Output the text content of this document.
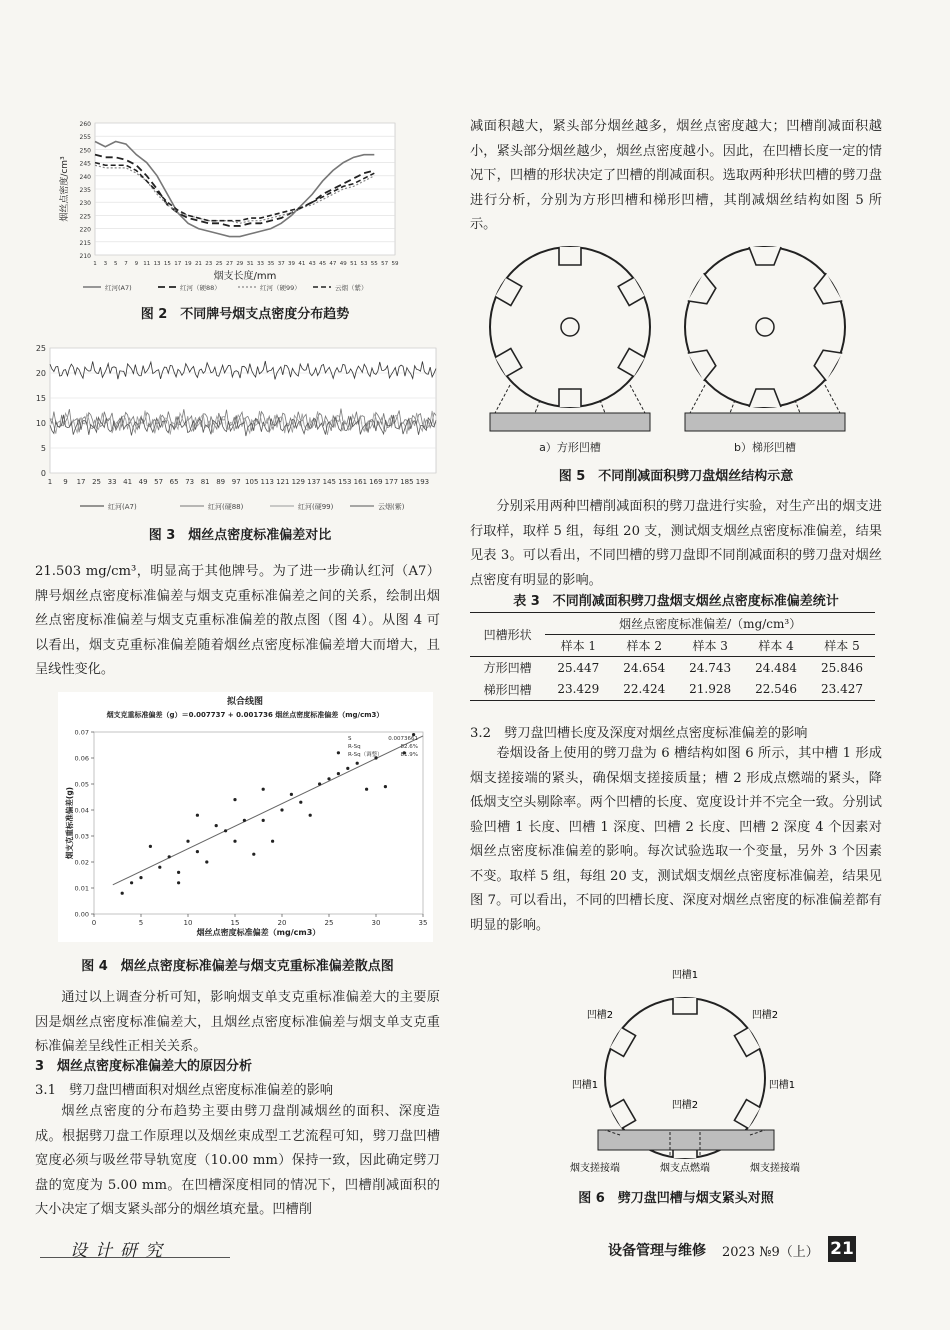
210
215
220
225
230
235
240
245
250
255
260
1 3 5 7 9 11 13 15 17 19 21 23 25 27 29 31 33 35 37 39 41 43 45 47 49 51 53 55 57 59
烟丝点密度/cm³
烟支长度/mm
红河(A7)	红河（硬88）	红河（硬99）	云烟（紫）
图 2　不同牌号烟支点密度分布趋势
0
5
10
15
20
25
1 9 17 25 33 41 49 57 65 73 81 89 97 105 113 121 129 137 145 153 161 169 177 185 193
红河(A7)	红河(硬88)	红河(硬99)	云烟(紫)
图 3　烟丝点密度标准偏差对比
21.503 mg/cm³，明显高于其他牌号。为了进一步确认红河（A7）牌号烟丝点密度标准偏差与烟支克重标准偏差之间的关系，绘制出烟丝点密度标准偏差与烟支克重标准偏差的散点图（图 4）。从图 4 可以看出，烟支克重标准偏差随着烟丝点密度标准偏差增大而增大，且呈线性变化。
拟合线图
烟支克重标准偏差（g）＝0.007737 + 0.001736 烟丝点密度标准偏差（mg/cm3）
0.00
0.01
0.02
0.03
0.04
0.05
0.06
0.07
0	5	10	15	20	25	30	35
S	0.0073661
R-Sq	82.6%
R-Sq（调整）	81.9%
烟丝点密度标准偏差（mg/cm3）
烟支克重标准偏差(g)
图 4　烟丝点密度标准偏差与烟支克重标准偏差散点图
通过以上调查分析可知，影响烟支单支克重标准偏差大的主要原因是烟丝点密度标准偏差大，且烟丝点密度标准偏差与烟支单支克重标准偏差呈线性正相关关系。
3　烟丝点密度标准偏差大的原因分析
3.1　劈刀盘凹槽面积对烟丝点密度标准偏差的影响
烟丝点密度的分布趋势主要由劈刀盘削减烟丝的面积、深度造成。根据劈刀盘工作原理以及烟丝束成型工艺流程可知，劈刀盘凹槽宽度必须与吸丝带导轨宽度（10.00 mm）保持一致，因此确定劈刀盘的宽度为 5.00 mm。在凹槽深度相同的情况下，凹槽削减面积的大小决定了烟支紧头部分的烟丝填充量。凹槽削
减面积越大，紧头部分烟丝越多，烟丝点密度越大；凹槽削减面积越小，紧头部分烟丝越少，烟丝点密度越小。因此，在凹槽长度一定的情况下，凹槽的形状决定了凹槽的削减面积。选取两种形状凹槽的劈刀盘进行分析，分别为方形凹槽和梯形凹槽，其削减烟丝结构如图 5 所示。
a）方形凹槽	b）梯形凹槽
图 5　不同削减面积劈刀盘烟丝结构示意
分别采用两种凹槽削减面积的劈刀盘进行实验，对生产出的烟支进行取样，取样 5 组，每组 20 支，测试烟支烟丝点密度标准偏差，结果见表 3。可以看出，不同凹槽的劈刀盘即不同削减面积的劈刀盘对烟丝点密度有明显的影响。
表 3　不同削减面积劈刀盘烟支烟丝点密度标准偏差统计
凹槽形状	烟丝点密度标准偏差/（mg/cm³）				
	样本 1	样本 2	样本 3	样本 4	样本 5
方形凹槽	25.447	24.654	24.743	24.484	25.846
梯形凹槽	23.429	22.424	21.928	22.546	23.427
3.2　劈刀盘凹槽长度及深度对烟丝点密度标准偏差的影响
卷烟设备上使用的劈刀盘为 6 槽结构如图 6 所示，其中槽 1 形成烟支搓接端的紧头，确保烟支搓接质量；槽 2 形成点燃端的紧头，降低烟支空头剔除率。两个凹槽的长度、宽度设计并不完全一致。分别试验凹槽 1 长度、凹槽 1 深度、凹槽 2 长度、凹槽 2 深度 4 个因素对烟丝点密度标准偏差的影响。每次试验选取一个变量，另外 3 个因素不变。取样 5 组，每组 20 支，测试烟支烟丝点密度标准偏差，结果见图 7。可以看出，不同的凹槽长度、深度对烟丝点密度的标准偏差都有明显的影响。
凹槽1
凹槽2	凹槽2
凹槽1	凹槽1
凹槽2
烟支搓接端	烟支点燃端	烟支搓接端
图 6　劈刀盘凹槽与烟支紧头对照
设计研究	设备管理与维修 2023 №9（上） 21
